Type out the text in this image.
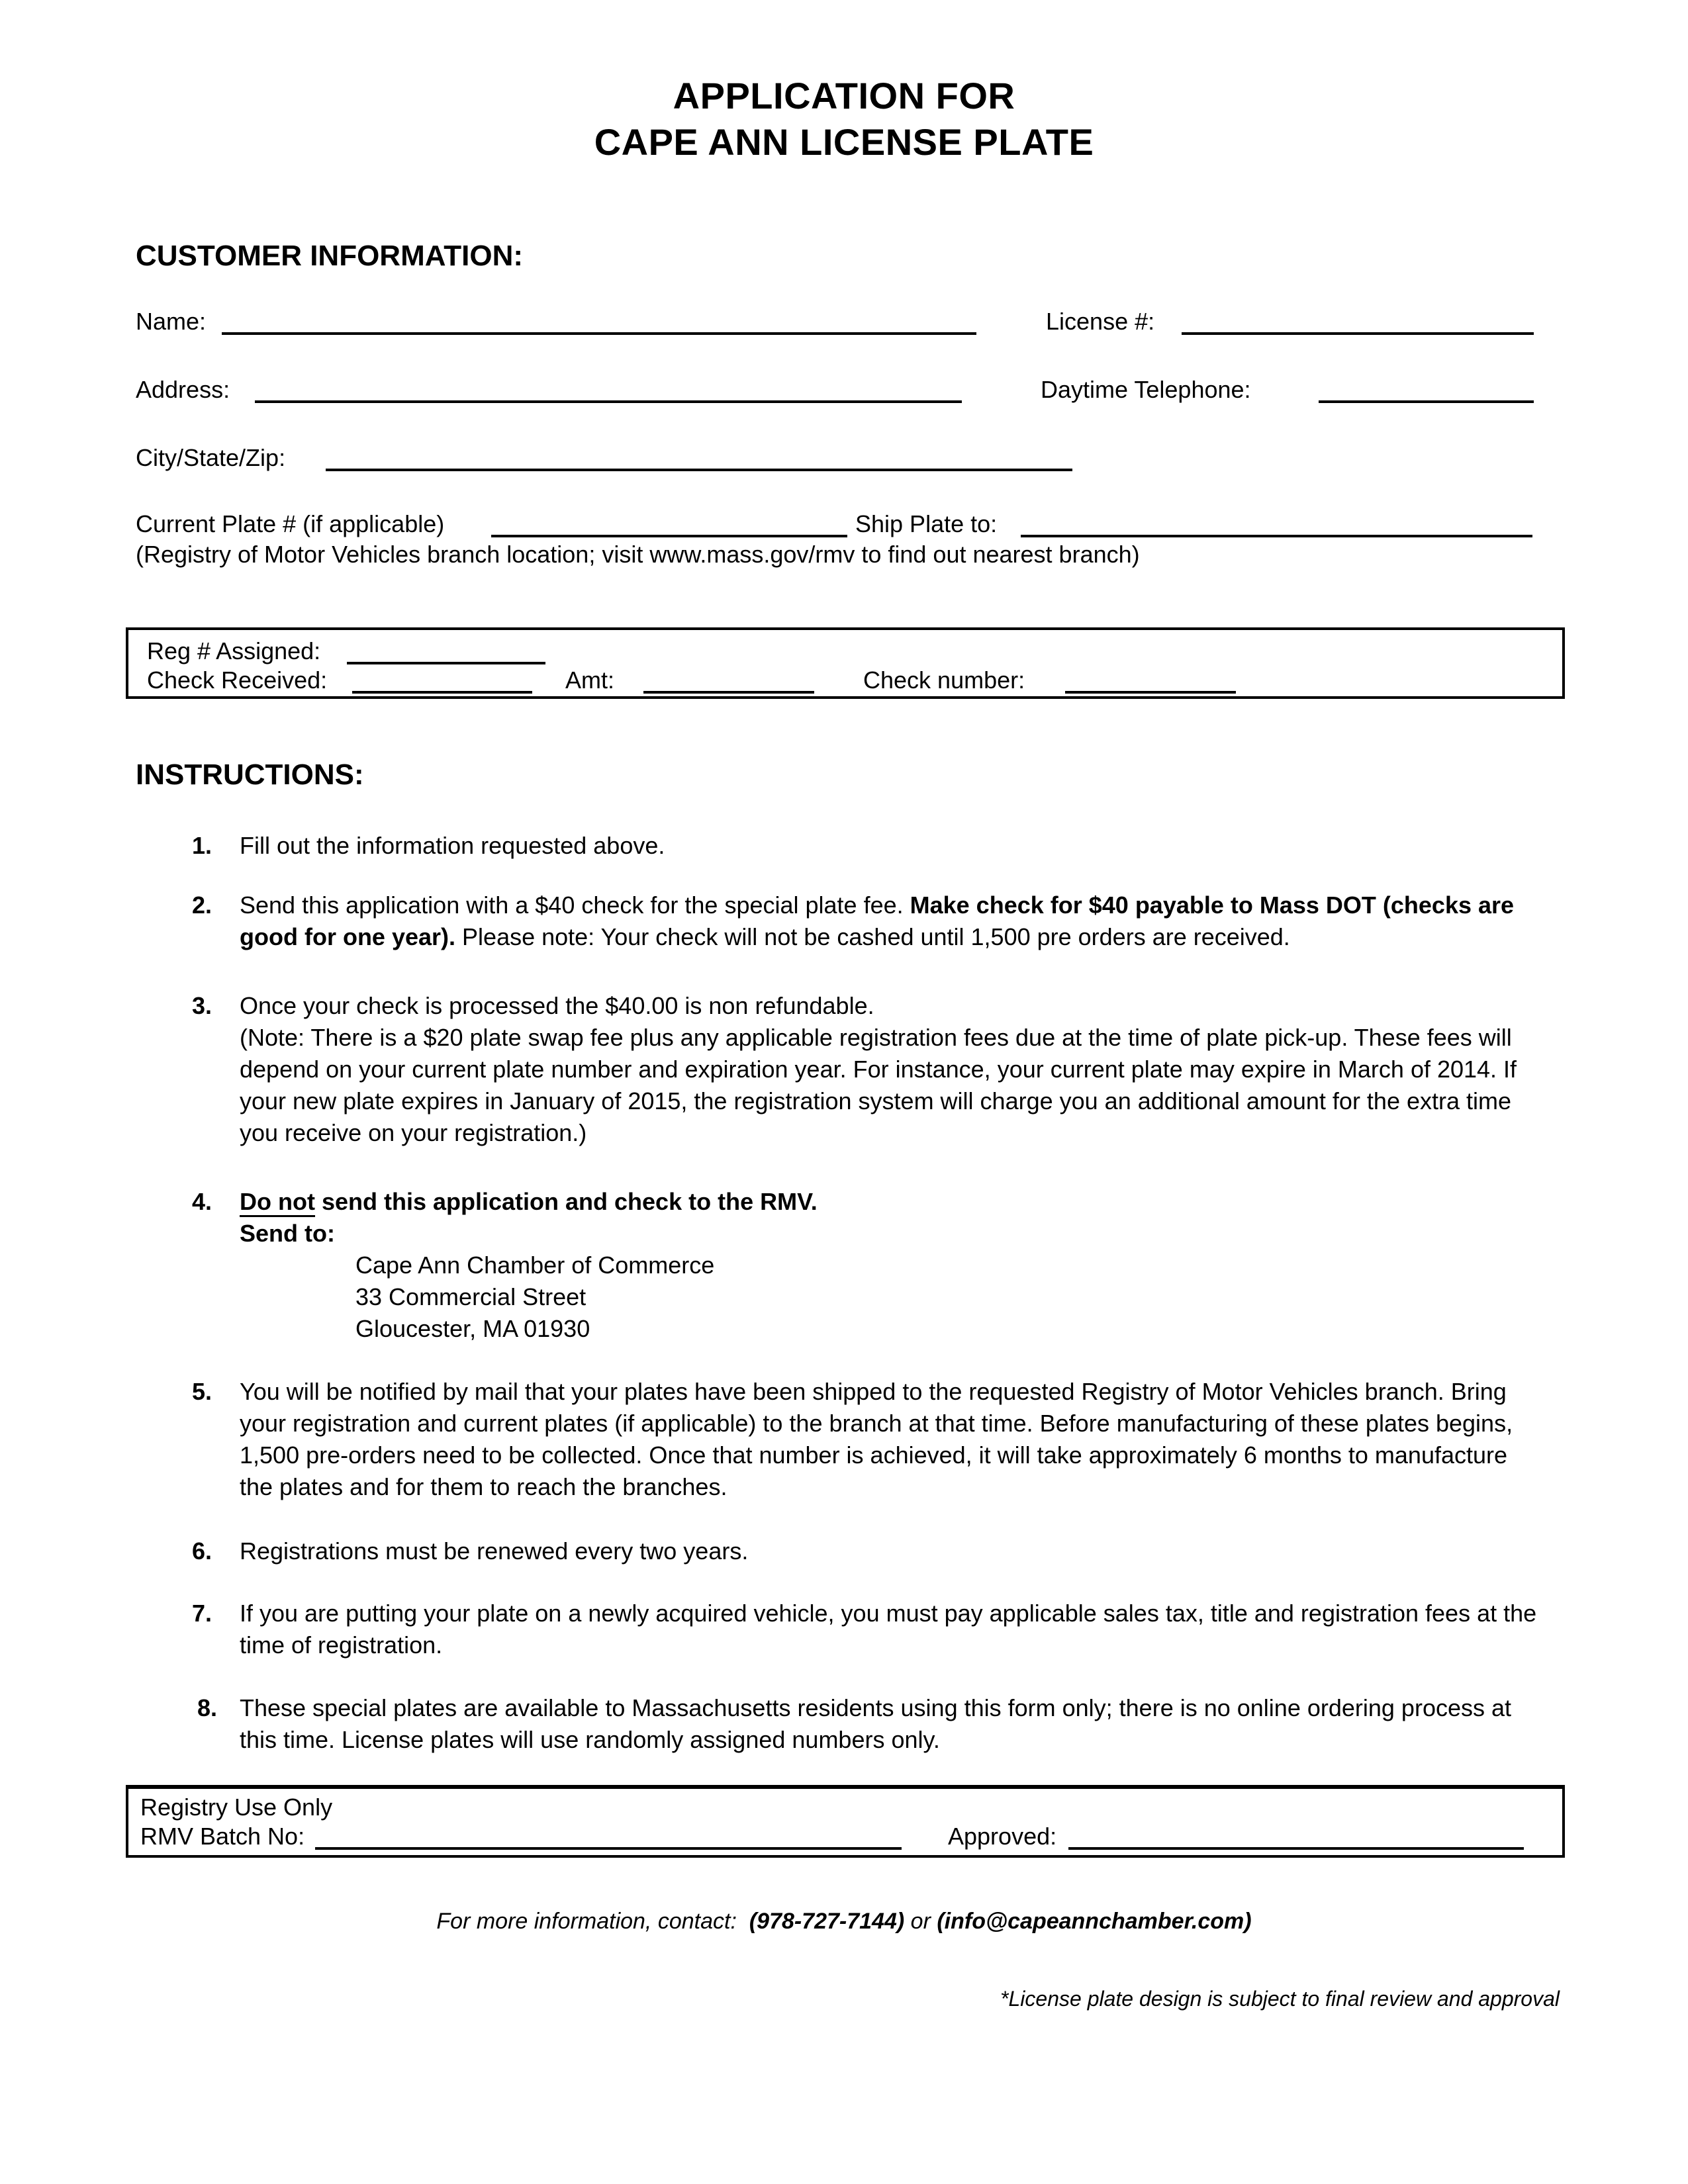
APPLICATION FOR
CAPE ANN LICENSE PLATE
CUSTOMER INFORMATION:
Name:	License #:
Address:	Daytime Telephone:
City/State/Zip:
Current Plate # (if applicable)	Ship Plate to:
(Registry of Motor Vehicles branch location; visit www.mass.gov/rmv to find out nearest branch)
Reg # Assigned:
Check Received:	Amt:	Check number:
INSTRUCTIONS:
1. Fill out the information requested above.
2. Send this application with a $40 check for the special plate fee. Make check for $40 payable to Mass DOT (checks are good for one year). Please note: Your check will not be cashed until 1,500 pre orders are received.
3. Once your check is processed the $40.00 is non refundable.
(Note: There is a $20 plate swap fee plus any applicable registration fees due at the time of plate pick-up. These fees will depend on your current plate number and expiration year. For instance, your current plate may expire in March of 2014. If your new plate expires in January of 2015, the registration system will charge you an additional amount for the extra time you receive on your registration.)
4. Do not send this application and check to the RMV.
Send to:
Cape Ann Chamber of Commerce
33 Commercial Street
Gloucester, MA 01930
5. You will be notified by mail that your plates have been shipped to the requested Registry of Motor Vehicles branch. Bring your registration and current plates (if applicable) to the branch at that time. Before manufacturing of these plates begins, 1,500 pre-orders need to be collected. Once that number is achieved, it will take approximately 6 months to manufacture the plates and for them to reach the branches.
6. Registrations must be renewed every two years.
7. If you are putting your plate on a newly acquired vehicle, you must pay applicable sales tax, title and registration fees at the time of registration.
8. These special plates are available to Massachusetts residents using this form only; there is no online ordering process at this time. License plates will use randomly assigned numbers only.
Registry Use Only
RMV Batch No:	Approved:
For more information, contact: (978-727-7144) or (info@capeannchamber.com)
*License plate design is subject to final review and approval
